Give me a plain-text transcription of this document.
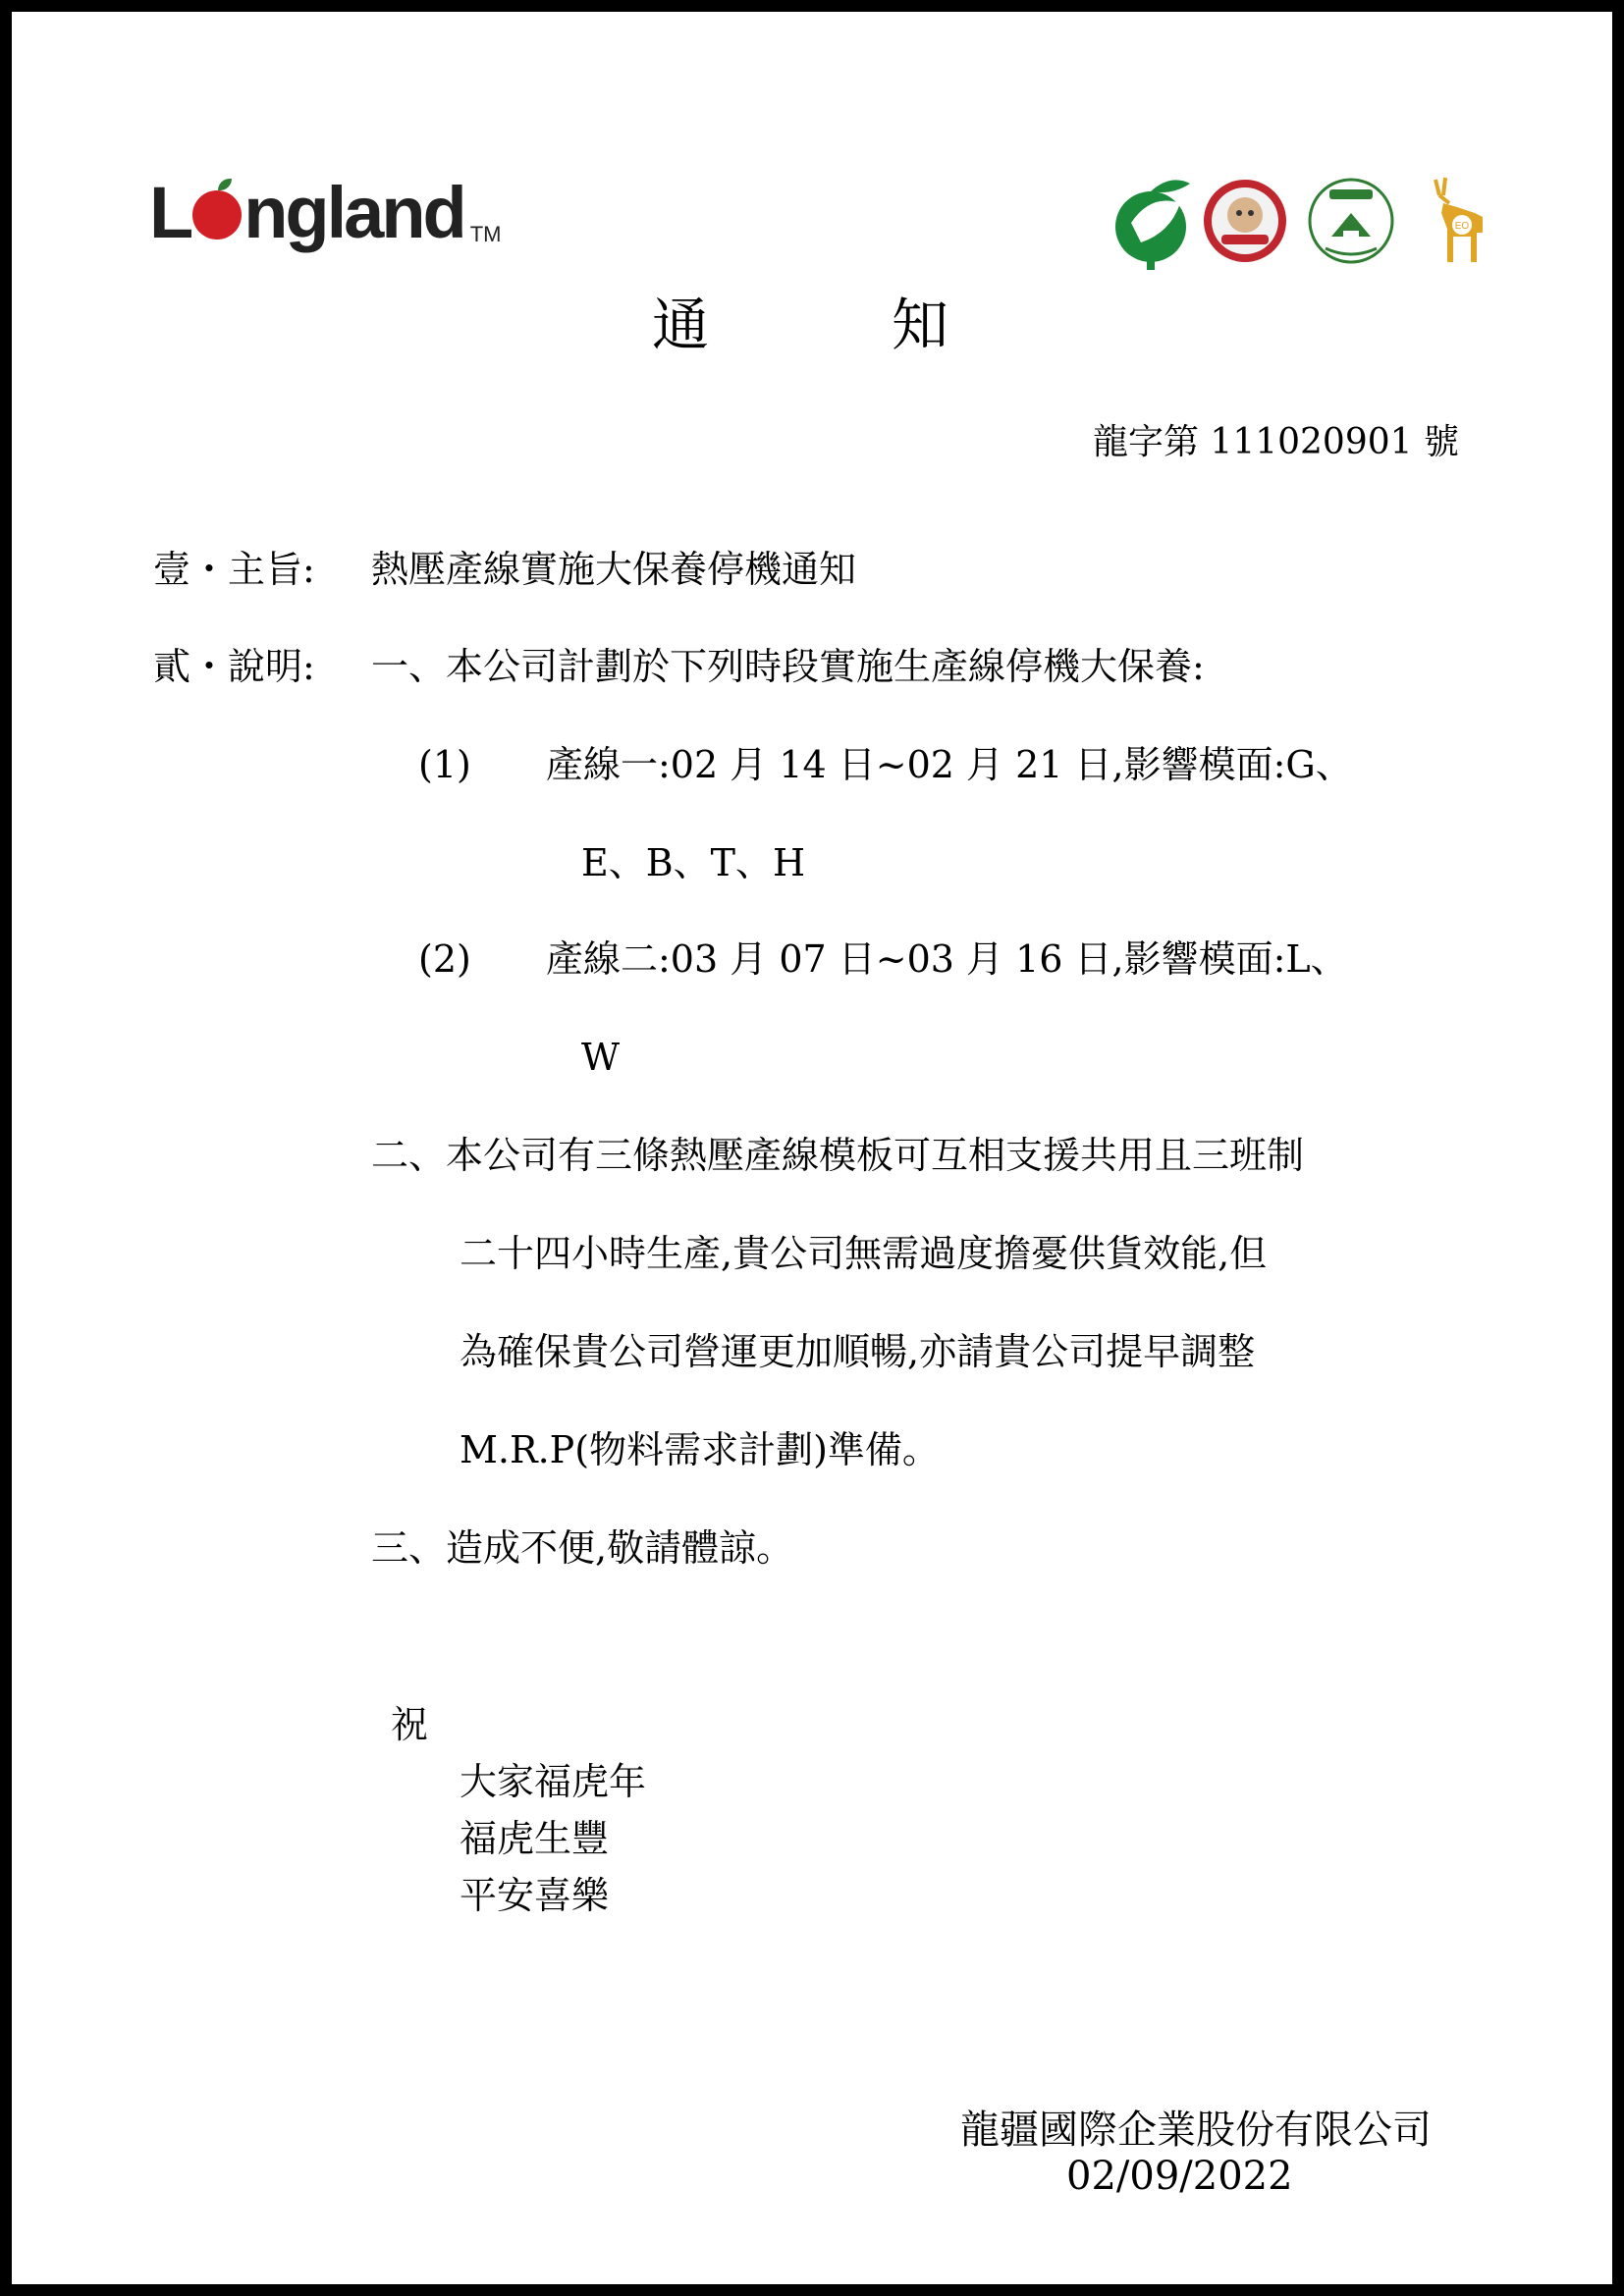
L ngland TM	EO
通	知
龍字第 111020901 號
壹・主旨: 熱壓產線實施大保養停機通知
貳・說明: 一、本公司計劃於下列時段實施生產線停機大保養:
(1) 產線一:02 月 14 日~02 月 21 日,影響模面:G、
E、B、T、H
(2) 產線二:03 月 07 日~03 月 16 日,影響模面:L、
W
二、本公司有三條熱壓產線模板可互相支援共用且三班制
二十四小時生產,貴公司無需過度擔憂供貨效能,但
為確保貴公司營運更加順暢,亦請貴公司提早調整
M.R.P(物料需求計劃)準備。
三、造成不便,敬請體諒。
祝
大家福虎年
福虎生豐
平安喜樂
龍疆國際企業股份有限公司
02/09/2022
